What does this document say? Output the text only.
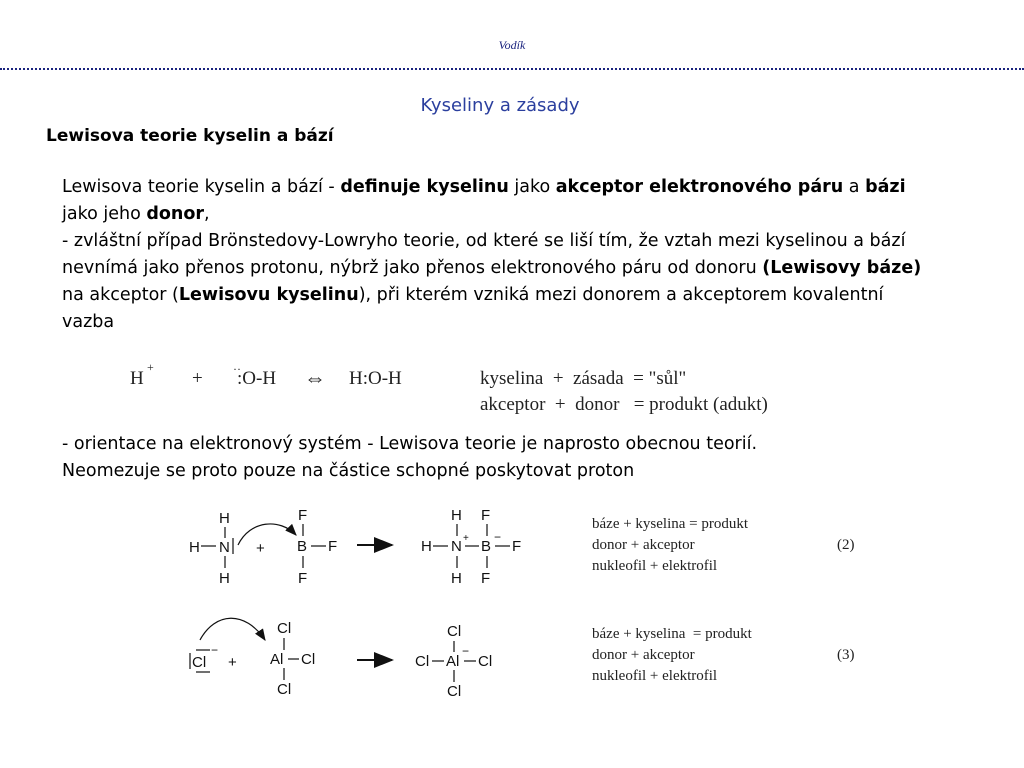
Vodík
Kyseliny a zásady
Lewisova teorie kyselin a bází

Lewisova teorie kyselin a bází - definuje kyselinu jako akceptor elektronového páru a bázi jako jeho donor,

- zvláštní případ Brönstedovy-Lowryho teorie, od které se liší tím, že vztah mezi kyselinou a bází nevnímá jako přenos protonu, nýbrž jako přenos elektronového páru od donoru (Lewisovy báze) na akceptor (Lewisovu kyselinu), při kterém vzniká mezi donorem a akceptorem kovalentní vazba

H
+
+	··
:O-H ⇔ H:O-H	kyselina  +  zásada  = "sůl"
akceptor  +  donor   = produkt (adukt)

- orientace na elektronový systém - Lewisova teorie je naprosto obecnou teorií.

Neomezuje se proto pouze na částice schopné poskytovat proton

H
H N
H
+
F
B F
F
H
H N +
H
F
B
−
F
F
Cl
−
+
Cl
Al Cl
Cl
Cl
Cl Al
−
Cl
Cl
báze + kyselina = produkt
donor + akceptor
nukleofil + elektrofil
(2)
báze + kyselina  = produkt
donor + akceptor
nukleofil + elektrofil
(3)
